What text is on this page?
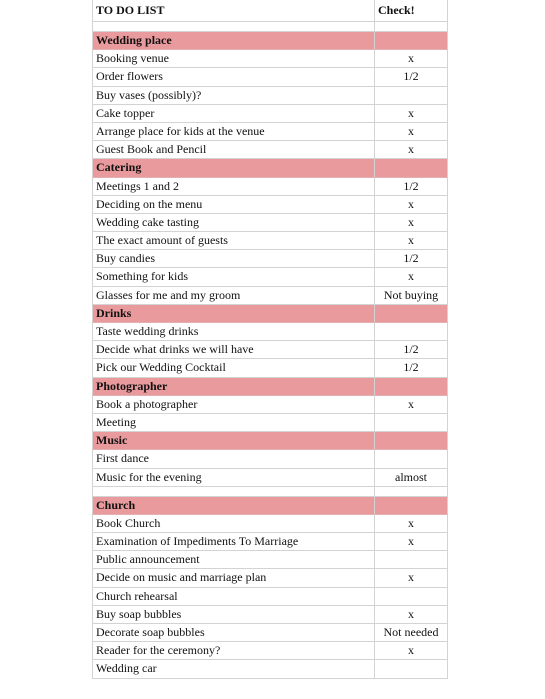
TO DO LIST	Check!
Wedding place
Booking venue	x
Order flowers	1/2
Buy vases (possibly)?
Cake topper	x
Arrange place for kids at the venue	x
Guest Book and Pencil	x
Catering
Meetings 1 and 2	1/2
Deciding on the menu	x
Wedding cake tasting	x
The exact amount of guests	x
Buy candies	1/2
Something for kids	x
Glasses for me and my groom	Not buying
Drinks
Taste wedding drinks
Decide what drinks we will have	1/2
Pick our Wedding Cocktail	1/2
Photographer
Book a photographer	x
Meeting
Music
First dance
Music for the evening	almost
Church
Book Church	x
Examination of Impediments To Marriage	x
Public announcement
Decide on music and marriage plan	x
Church rehearsal
Buy soap bubbles	x
Decorate soap bubbles	Not needed
Reader for the ceremony?	x
Wedding car
